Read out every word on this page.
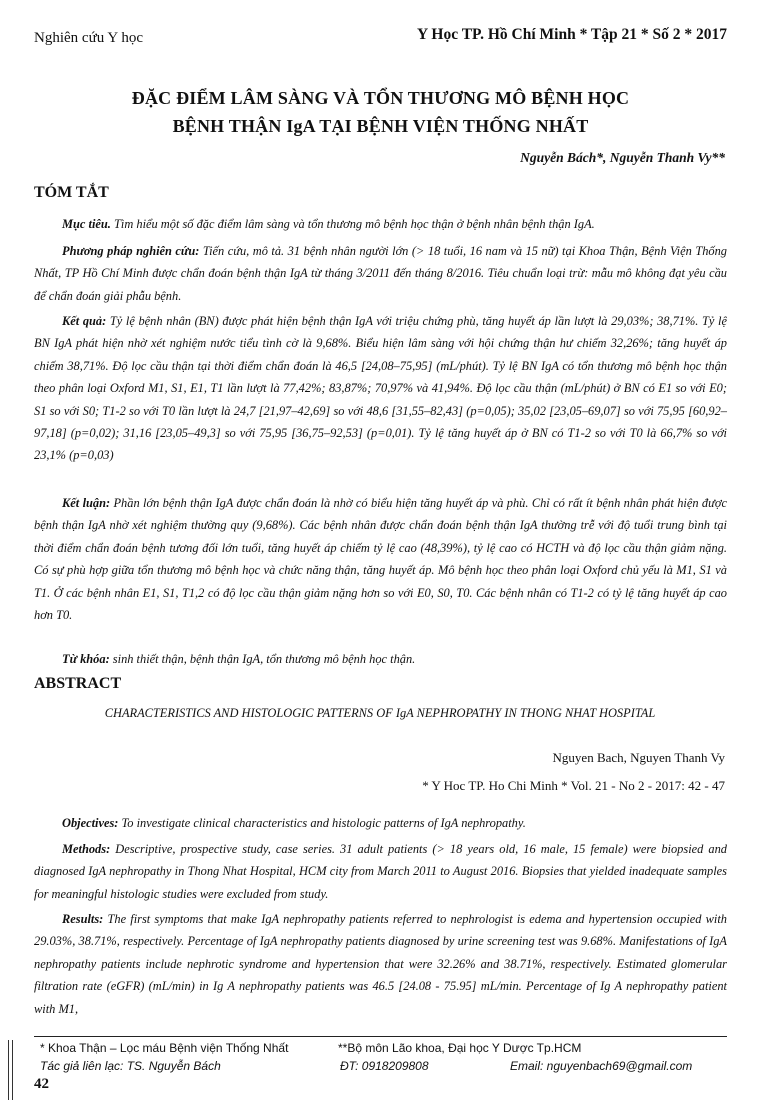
Nghiên cứu Y học	Y Học TP. Hồ Chí Minh * Tập 21 * Số 2 * 2017
ĐẶC ĐIỂM LÂM SÀNG VÀ TỔN THƯƠNG MÔ BỆNH HỌC
BỆNH THẬN IgA TẠI BỆNH VIỆN THỐNG NHẤT
Nguyễn Bách*, Nguyễn Thanh Vy**
TÓM TẮT

Mục tiêu. Tìm hiểu một số đặc điểm lâm sàng và tổn thương mô bệnh học thận ở bệnh nhân bệnh thận IgA.

Phương pháp nghiên cứu: Tiến cứu, mô tả. 31 bệnh nhân người lớn (> 18 tuổi, 16 nam và 15 nữ) tại Khoa Thận, Bệnh Viện Thống Nhất, TP Hồ Chí Minh được chẩn đoán bệnh thận IgA từ tháng 3/2011 đến tháng 8/2016. Tiêu chuẩn loại trừ: mẫu mô không đạt yêu cầu để chẩn đoán giải phẫu bệnh.

Kết quả: Tỷ lệ bệnh nhân (BN) được phát hiện bệnh thận IgA với triệu chứng phù, tăng huyết áp lần lượt là 29,03%; 38,71%. Tỷ lệ BN IgA phát hiện nhờ xét nghiệm nước tiểu tình cờ là 9,68%. Biểu hiện lâm sàng với hội chứng thận hư chiếm 32,26%; tăng huyết áp chiếm 38,71%. Độ lọc cầu thận tại thời điểm chẩn đoán là 46,5 [24,08–75,95] (mL/phút). Tỷ lệ BN IgA có tổn thương mô bệnh học thận theo phân loại Oxford M1, S1, E1, T1 lần lượt là 77,42%; 83,87%; 70,97% và 41,94%. Độ lọc cầu thận (mL/phút) ở BN có E1 so với E0; S1 so với S0; T1-2 so với T0 lần lượt là 24,7 [21,97–42,69] so với 48,6 [31,55–82,43] (p=0,05); 35,02 [23,05–69,07] so với 75,95 [60,92–97,18] (p=0,02); 31,16 [23,05–49,3] so với 75,95 [36,75–92,53] (p=0,01). Tỷ lệ tăng huyết áp ở BN có T1-2 so với T0 là 66,7% so với 23,1% (p=0,03)

Kết luận: Phần lớn bệnh thận IgA được chẩn đoán là nhờ có biểu hiện tăng huyết áp và phù. Chỉ có rất ít bệnh nhân phát hiện được bệnh thận IgA nhờ xét nghiệm thường quy (9,68%). Các bệnh nhân được chẩn đoán bệnh thận IgA thường trễ với độ tuổi trung bình tại thời điểm chẩn đoán bệnh tương đối lớn tuổi, tăng huyết áp chiếm tỷ lệ cao (48,39%), tỷ lệ cao có HCTH và độ lọc cầu thận giảm nặng. Có sự phù hợp giữa tổn thương mô bệnh học và chức năng thận, tăng huyết áp. Mô bệnh học theo phân loại Oxford chủ yếu là M1, S1 và T1. Ở các bệnh nhân E1, S1, T1,2 có độ lọc cầu thận giảm nặng hơn so với E0, S0, T0. Các bệnh nhân có T1-2 có tỷ lệ tăng huyết áp cao hơn T0.

Từ khóa: sinh thiết thận, bệnh thận IgA, tổn thương mô bệnh học thận.

ABSTRACT
CHARACTERISTICS AND HISTOLOGIC PATTERNS OF IgA NEPHROPATHY IN THONG NHAT HOSPITAL
Nguyen Bach, Nguyen Thanh Vy
* Y Hoc TP. Ho Chi Minh * Vol. 21 - No 2 - 2017: 42 - 47

Objectives: To investigate clinical characteristics and histologic patterns of IgA nephropathy.

Methods: Descriptive, prospective study, case series. 31 adult patients (> 18 years old, 16 male, 15 female) were biopsied and diagnosed IgA nephropathy in Thong Nhat Hospital, HCM city from March 2011 to August 2016. Biopsies that yielded inadequate samples for meaningful histologic studies were excluded from study.

Results: The first symptoms that make IgA nephropathy patients referred to nephrologist is edema and hypertension occupied with 29.03%, 38.71%, respectively. Percentage of IgA nephropathy patients diagnosed by urine screening test was 9.68%. Manifestations of IgA nephropathy patients include nephrotic syndrome and hypertension that were 32.26% and 38.71%, respectively. Estimated glomerular filtration rate (eGFR) (mL/min) in Ig A nephropathy patients was 46.5 [24.08 - 75.95] mL/min. Percentage of Ig A nephropathy patient with M1,

* Khoa Thận – Lọc máu Bệnh viện Thống Nhất	**Bộ môn Lão khoa, Đại học Y Dược Tp.HCM
Tác giả liên lạc: TS. Nguyễn Bách	ĐT: 0918209808	Email: nguyenbach69@gmail.com
42
